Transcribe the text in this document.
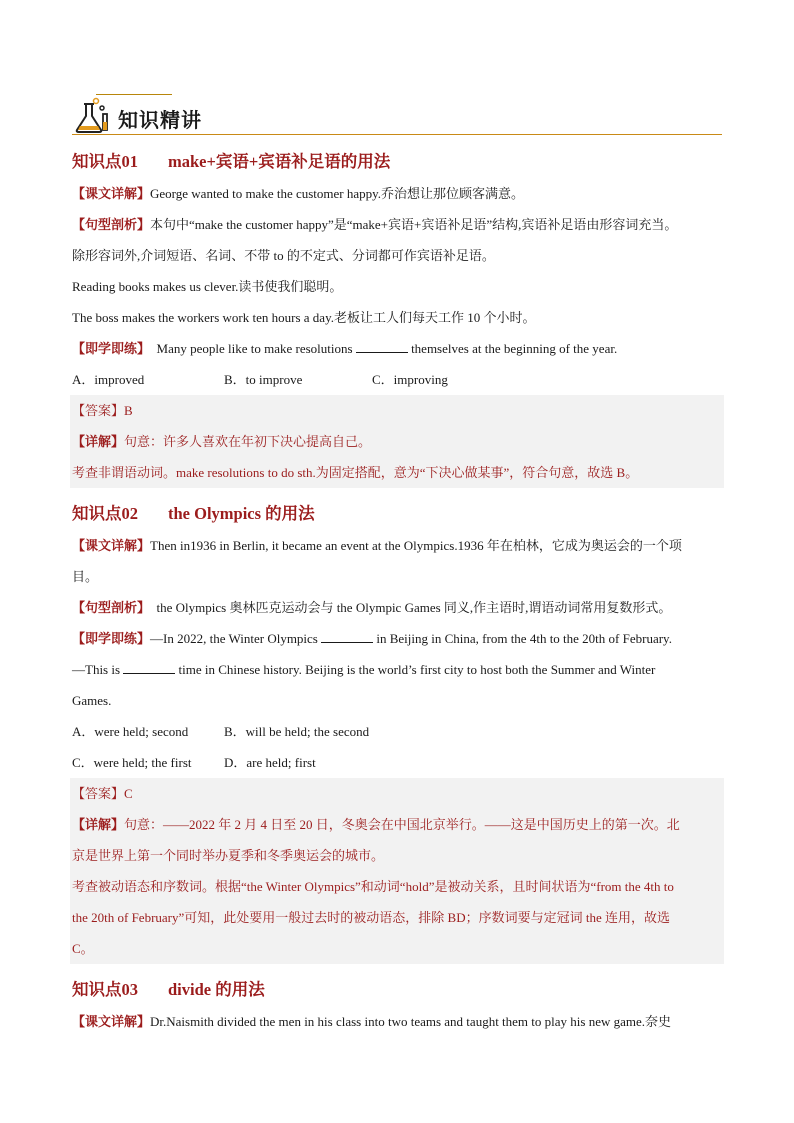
知识精讲
知识点01 make+宾语+宾语补足语的用法

【课文详解】George wanted to make the customer happy.乔治想让那位顾客满意。

【句型剖析】本句中“make the customer happy”是“make+宾语+宾语补足语”结构,宾语补足语由形容词充当。

除形容词外,介词短语、名词、不带 to 的不定式、分词都可作宾语补足语。

Reading books makes us clever.读书使我们聪明。

The boss makes the workers work ten hours a day.老板让工人们每天工作 10 个小时。

【即学即练】 Many people like to make resolutions	themselves at the beginning of the year.

A．improved	B．to improve	C．improving

【答案】B

【详解】句意：许多人喜欢在年初下决心提高自己。

考查非谓语动词。make resolutions to do sth.为固定搭配，意为“下决心做某事”，符合句意，故选 B。

知识点02 the Olympics 的用法

【课文详解】Then in1936 in Berlin, it became an event at the Olympics.1936 年在柏林，它成为奥运会的一个项

目。

【句型剖析】 the Olympics 奥林匹克运动会与 the Olympic Games 同义,作主语时,谓语动词常用复数形式。

【即学即练】—In 2022, the Winter Olympics	in Beijing in China, from the 4th to the 20th of February.

—This is	time in Chinese history. Beijing is the world’s first city to host both the Summer and Winter

Games.

A．were held; second	B．will be held; the second
C．were held; the first	D．are held; first

【答案】C

【详解】句意：——2022 年 2 月 4 日至 20 日，冬奥会在中国北京举行。——这是中国历史上的第一次。北

京是世界上第一个同时举办夏季和冬季奥运会的城市。

考查被动语态和序数词。根据“the Winter Olympics”和动词“hold”是被动关系，且时间状语为“from the 4th to

the 20th of February”可知，此处要用一般过去时的被动语态，排除 BD；序数词要与定冠词 the 连用，故选

C。

知识点03 divide 的用法

【课文详解】Dr.Naismith divided the men in his class into two teams and taught them to play his new game.奈史
